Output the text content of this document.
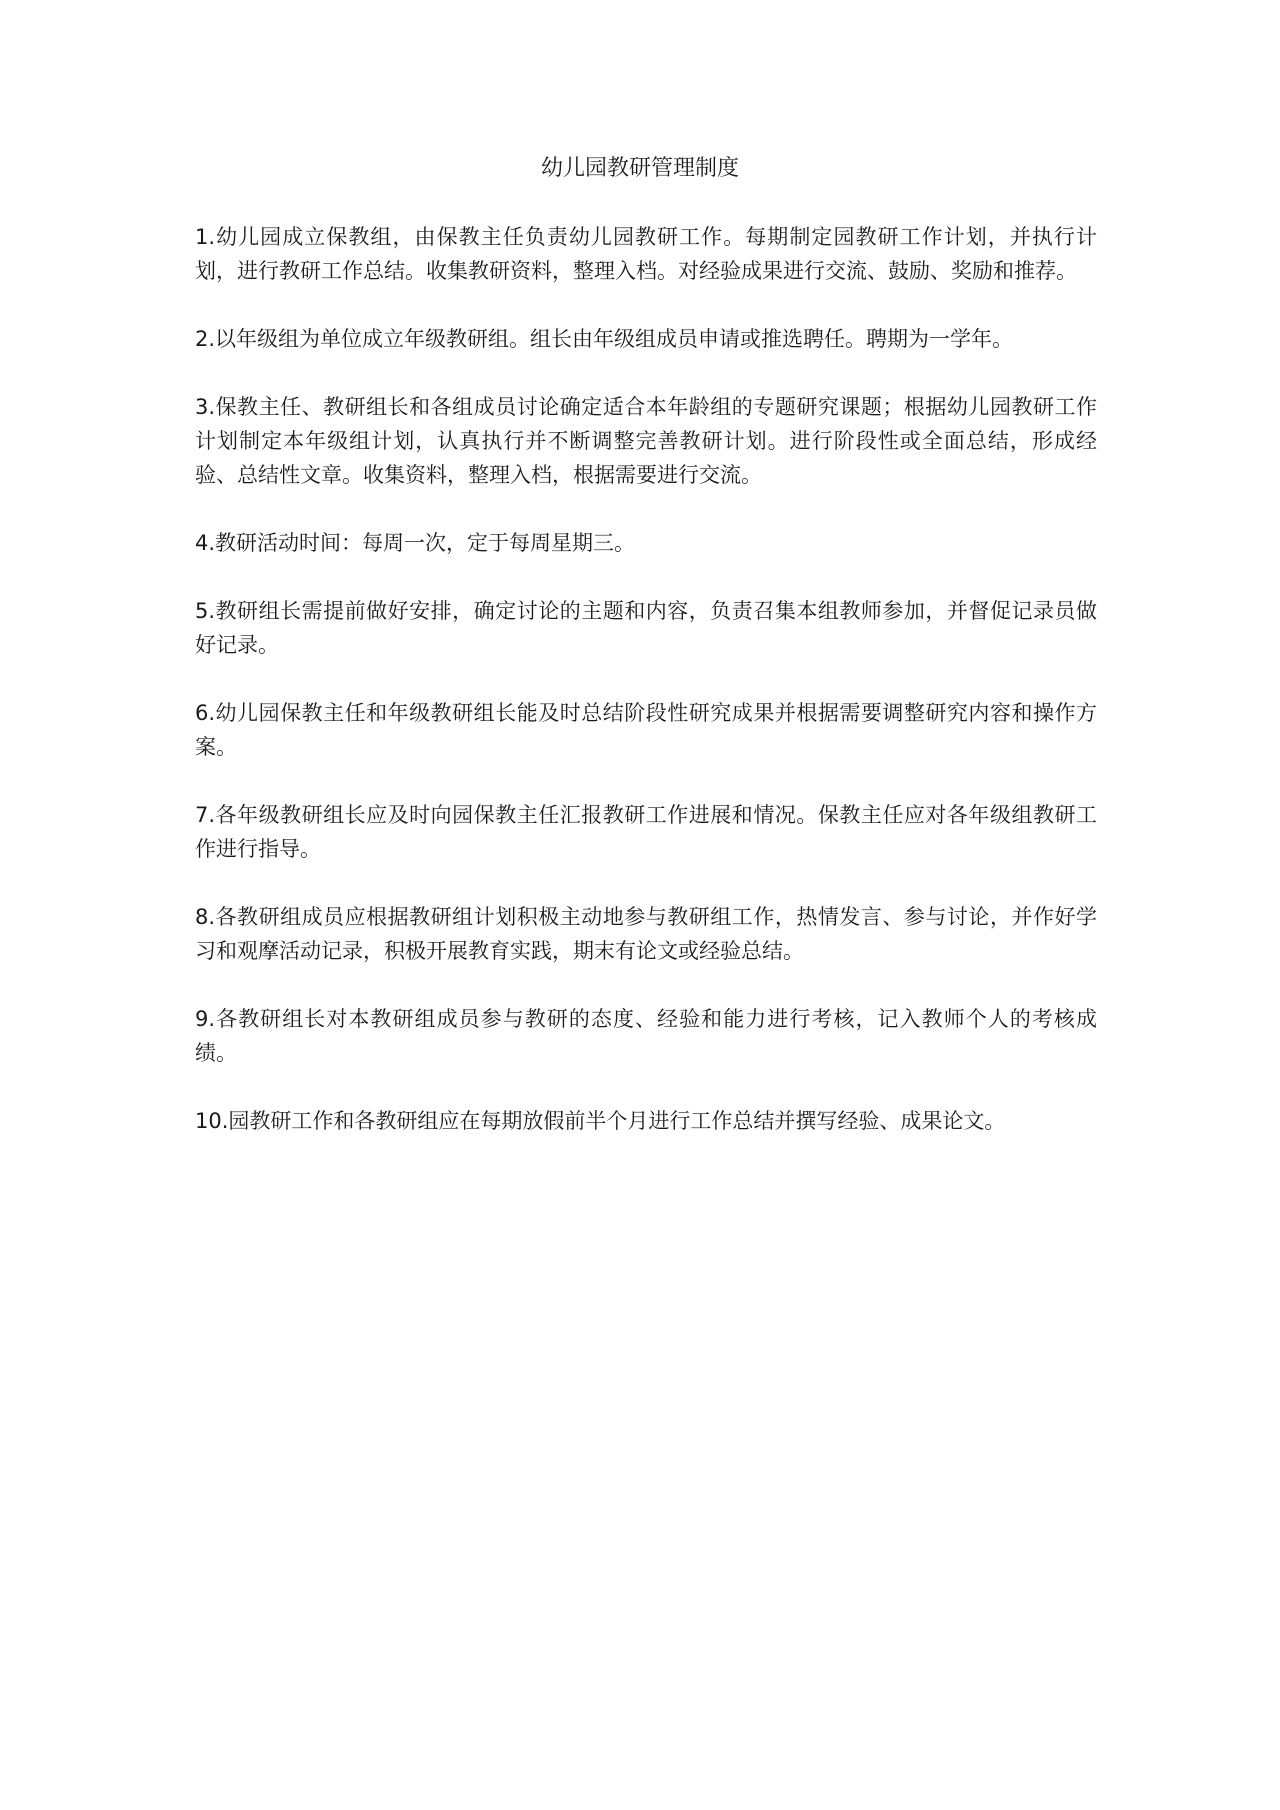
幼儿园教研管理制度

1.幼儿园成立保教组，由保教主任负责幼儿园教研工作。每期制定园教研工作计划，并执行计划，进行教研工作总结。收集教研资料，整理入档。对经验成果进行交流、鼓励、奖励和推荐。

2.以年级组为单位成立年级教研组。组长由年级组成员申请或推选聘任。聘期为一学年。

3.保教主任、教研组长和各组成员讨论确定适合本年龄组的专题研究课题；根据幼儿园教研工作计划制定本年级组计划，认真执行并不断调整完善教研计划。进行阶段性或全面总结，形成经验、总结性文章。收集资料，整理入档，根据需要进行交流。

4.教研活动时间：每周一次，定于每周星期三。

5.教研组长需提前做好安排，确定讨论的主题和内容，负责召集本组教师参加，并督促记录员做好记录。

6.幼儿园保教主任和年级教研组长能及时总结阶段性研究成果并根据需要调整研究内容和操作方案。

7.各年级教研组长应及时向园保教主任汇报教研工作进展和情况。保教主任应对各年级组教研工作进行指导。

8.各教研组成员应根据教研组计划积极主动地参与教研组工作，热情发言、参与讨论，并作好学习和观摩活动记录，积极开展教育实践，期末有论文或经验总结。

9.各教研组长对本教研组成员参与教研的态度、经验和能力进行考核，记入教师个人的考核成绩。

10.园教研工作和各教研组应在每期放假前半个月进行工作总结并撰写经验、成果论文。
